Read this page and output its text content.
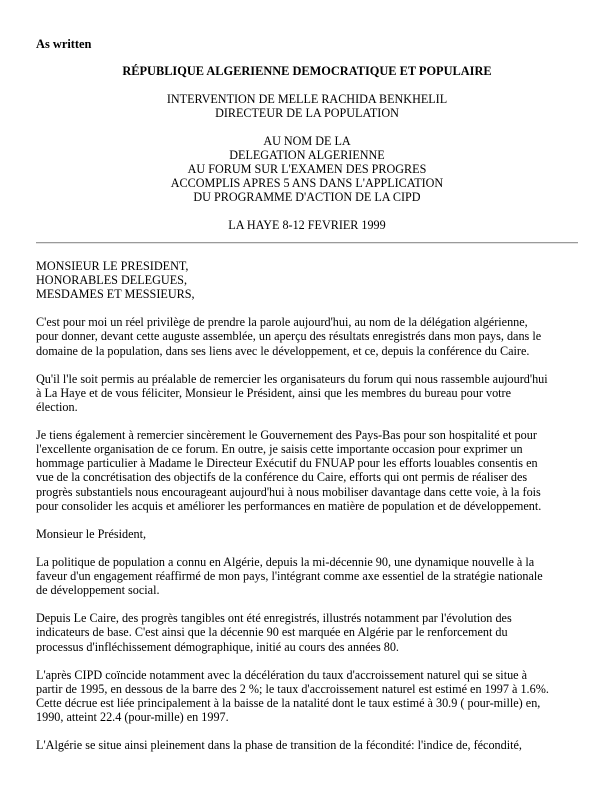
As written
RÉPUBLIQUE ALGERIENNE DEMOCRATIQUE ET POPULAIRE
INTERVENTION DE MELLE RACHIDA BENKHELIL
DIRECTEUR DE LA POPULATION
AU NOM DE LA
DELEGATION ALGERIENNE
AU FORUM SUR L'EXAMEN DES PROGRES
ACCOMPLIS APRES 5 ANS DANS L'APPLICATION
DU PROGRAMME D'ACTION DE LA CIPD
LA HAYE 8-12 FEVRIER 1999
MONSIEUR LE PRESIDENT,
HONORABLES DELEGUES,
MESDAMES ET MESSIEURS,
C'est pour moi un réel privilège de prendre la parole aujourd'hui, au nom de la délégation algérienne,
pour donner, devant cette auguste assemblée, un aperçu des résultats enregistrés dans mon pays, dans le
domaine de la population, dans ses liens avec le développement, et ce, depuis la conférence du Caire.
Qu'il l'le soit permis au préalable de remercier les organisateurs du forum qui nous rassemble aujourd'hui
à La Haye et de vous féliciter, Monsieur le Président, ainsi que les membres du bureau pour votre
élection.
Je tiens également à remercier sincèrement le Gouvernement des Pays-Bas pour son hospitalité et pour
l'excellente organisation de ce forum. En outre, je saisis cette importante occasion pour exprimer un
hommage particulier à Madame le Directeur Exécutif du FNUAP pour les efforts louables consentis en
vue de la concrétisation des objectifs de la conférence du Caire, efforts qui ont permis de réaliser des
progrès substantiels nous encourageant aujourd'hui à nous mobiliser davantage dans cette voie, à la fois
pour consolider les acquis et améliorer les performances en matière de population et de développement.
Monsieur le Président,
La politique de population a connu en Algérie, depuis la mi-décennie 90, une dynamique nouvelle à la
faveur d'un engagement réaffirmé de mon pays, l'intégrant comme axe essentiel de la stratégie nationale
de développement social.
Depuis Le Caire, des progrès tangibles ont été enregistrés, illustrés notamment par l'évolution des
indicateurs de base. C'est ainsi que la décennie 90 est marquée en Algérie par le renforcement du
processus d'infléchissement démographique, initié au cours des années 80.
L'après CIPD coïncide notamment avec la décélération du taux d'accroissement naturel qui se situe à
partir de 1995, en dessous de la barre des 2 %; le taux d'accroissement naturel est estimé en 1997 à 1.6%.
Cette décrue est liée principalement à la baisse de la natalité dont le taux estimé à 30.9 ( pour-mille) en,
1990, atteint 22.4 (pour-mille) en 1997.
L'Algérie se situe ainsi pleinement dans la phase de transition de la fécondité: l'indice de, fécondité,
